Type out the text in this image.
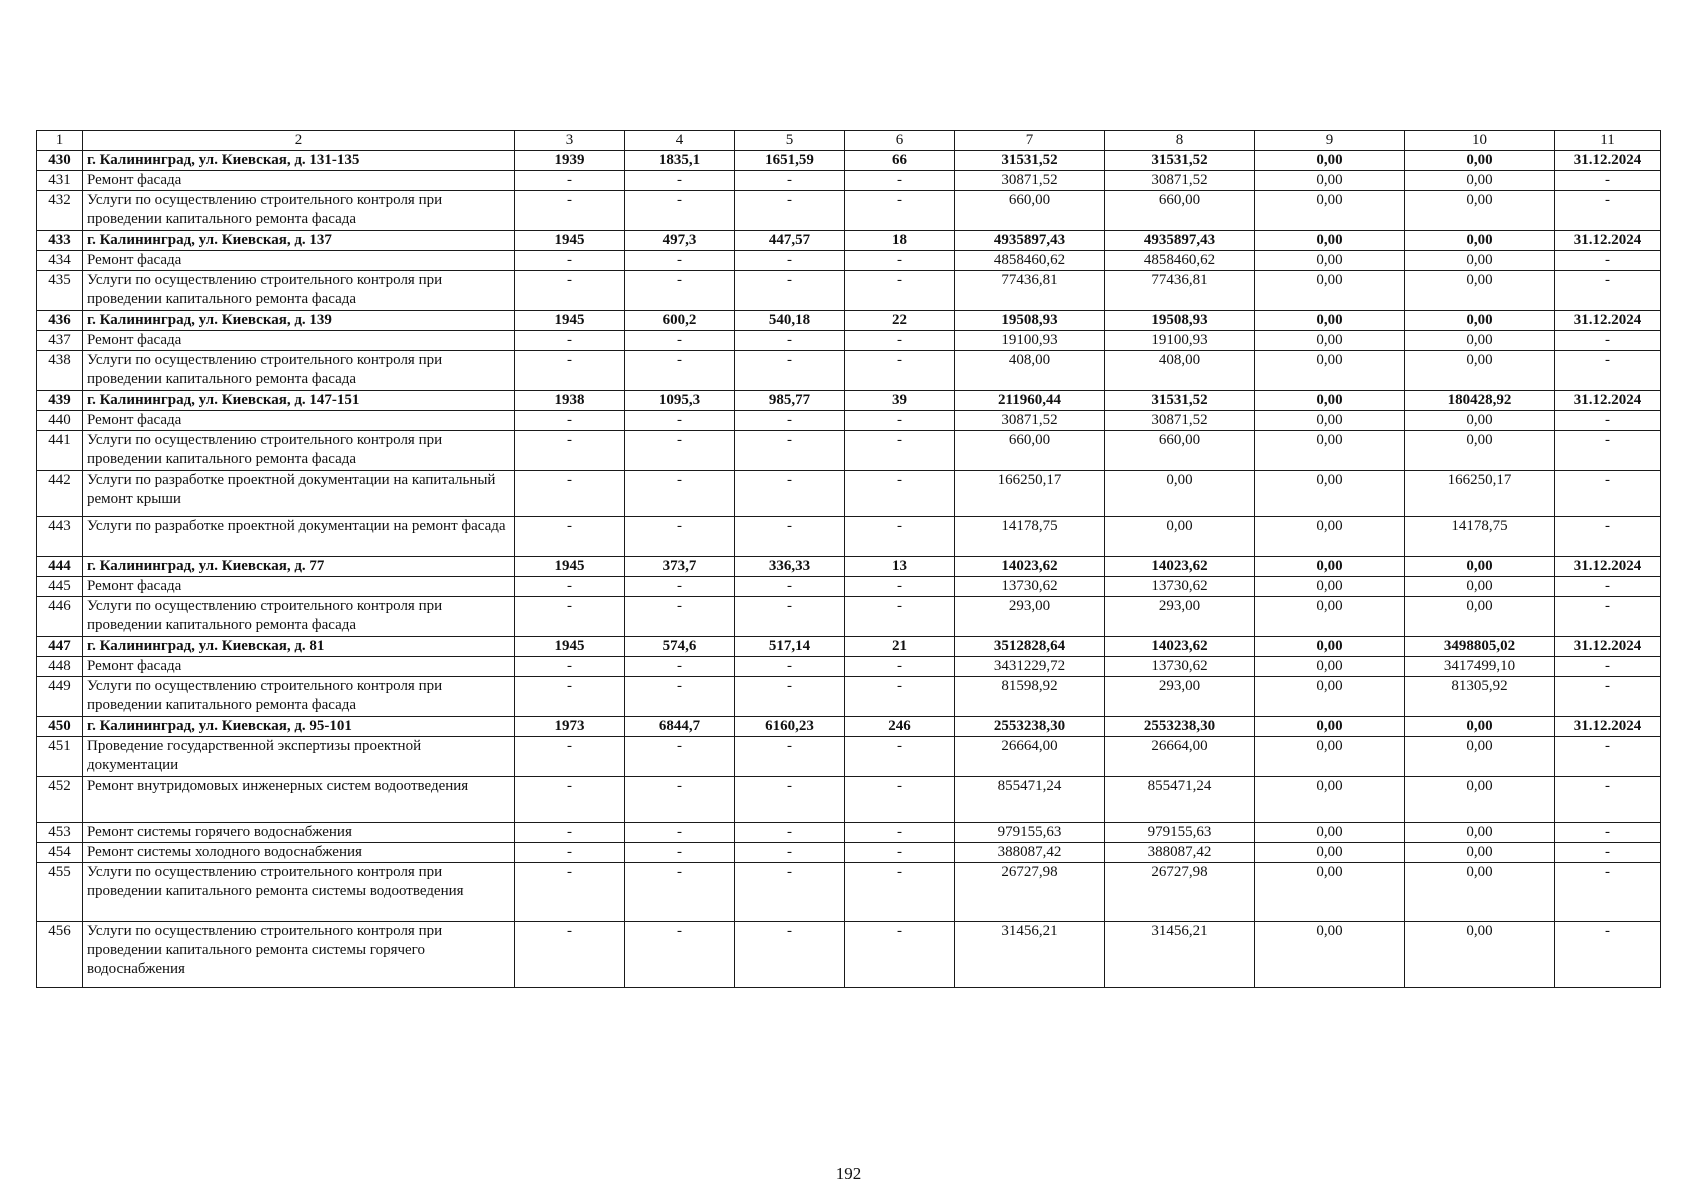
1	2	3	4	5	6	7	8	9	10	11
430	г. Калининград, ул. Киевская, д. 131-135	1939	1835,1	1651,59	66	31531,52	31531,52	0,00	0,00	31.12.2024
431	Ремонт фасада	-	-	-	-	30871,52	30871,52	0,00	0,00	-
432	Услуги по осуществлению строительного контроля при проведении капитального ремонта фасада	-	-	-	-	660,00	660,00	0,00	0,00	-
433	г. Калининград, ул. Киевская, д. 137	1945	497,3	447,57	18	4935897,43	4935897,43	0,00	0,00	31.12.2024
434	Ремонт фасада	-	-	-	-	4858460,62	4858460,62	0,00	0,00	-
435	Услуги по осуществлению строительного контроля при проведении капитального ремонта фасада	-	-	-	-	77436,81	77436,81	0,00	0,00	-
436	г. Калининград, ул. Киевская, д. 139	1945	600,2	540,18	22	19508,93	19508,93	0,00	0,00	31.12.2024
437	Ремонт фасада	-	-	-	-	19100,93	19100,93	0,00	0,00	-
438	Услуги по осуществлению строительного контроля при проведении капитального ремонта фасада	-	-	-	-	408,00	408,00	0,00	0,00	-
439	г. Калининград, ул. Киевская, д. 147-151	1938	1095,3	985,77	39	211960,44	31531,52	0,00	180428,92	31.12.2024
440	Ремонт фасада	-	-	-	-	30871,52	30871,52	0,00	0,00	-
441	Услуги по осуществлению строительного контроля при проведении капитального ремонта фасада	-	-	-	-	660,00	660,00	0,00	0,00	-
442	Услуги по разработке проектной документации на капитальный ремонт крыши	-	-	-	-	166250,17	0,00	0,00	166250,17	-
443	Услуги по разработке проектной документации на ремонт фасада	-	-	-	-	14178,75	0,00	0,00	14178,75	-
444	г. Калининград, ул. Киевская, д. 77	1945	373,7	336,33	13	14023,62	14023,62	0,00	0,00	31.12.2024
445	Ремонт фасада	-	-	-	-	13730,62	13730,62	0,00	0,00	-
446	Услуги по осуществлению строительного контроля при проведении капитального ремонта фасада	-	-	-	-	293,00	293,00	0,00	0,00	-
447	г. Калининград, ул. Киевская, д. 81	1945	574,6	517,14	21	3512828,64	14023,62	0,00	3498805,02	31.12.2024
448	Ремонт фасада	-	-	-	-	3431229,72	13730,62	0,00	3417499,10	-
449	Услуги по осуществлению строительного контроля при проведении капитального ремонта фасада	-	-	-	-	81598,92	293,00	0,00	81305,92	-
450	г. Калининград, ул. Киевская, д. 95-101	1973	6844,7	6160,23	246	2553238,30	2553238,30	0,00	0,00	31.12.2024
451	Проведение государственной экспертизы проектной документации	-	-	-	-	26664,00	26664,00	0,00	0,00	-
452	Ремонт внутридомовых инженерных систем водоотведения	-	-	-	-	855471,24	855471,24	0,00	0,00	-
453	Ремонт системы горячего водоснабжения	-	-	-	-	979155,63	979155,63	0,00	0,00	-
454	Ремонт системы холодного водоснабжения	-	-	-	-	388087,42	388087,42	0,00	0,00	-
455	Услуги по осуществлению строительного контроля при проведении капитального ремонта системы водоотведения	-	-	-	-	26727,98	26727,98	0,00	0,00	-
456	Услуги по осуществлению строительного контроля при проведении капитального ремонта системы горячего водоснабжения	-	-	-	-	31456,21	31456,21	0,00	0,00	-
192
